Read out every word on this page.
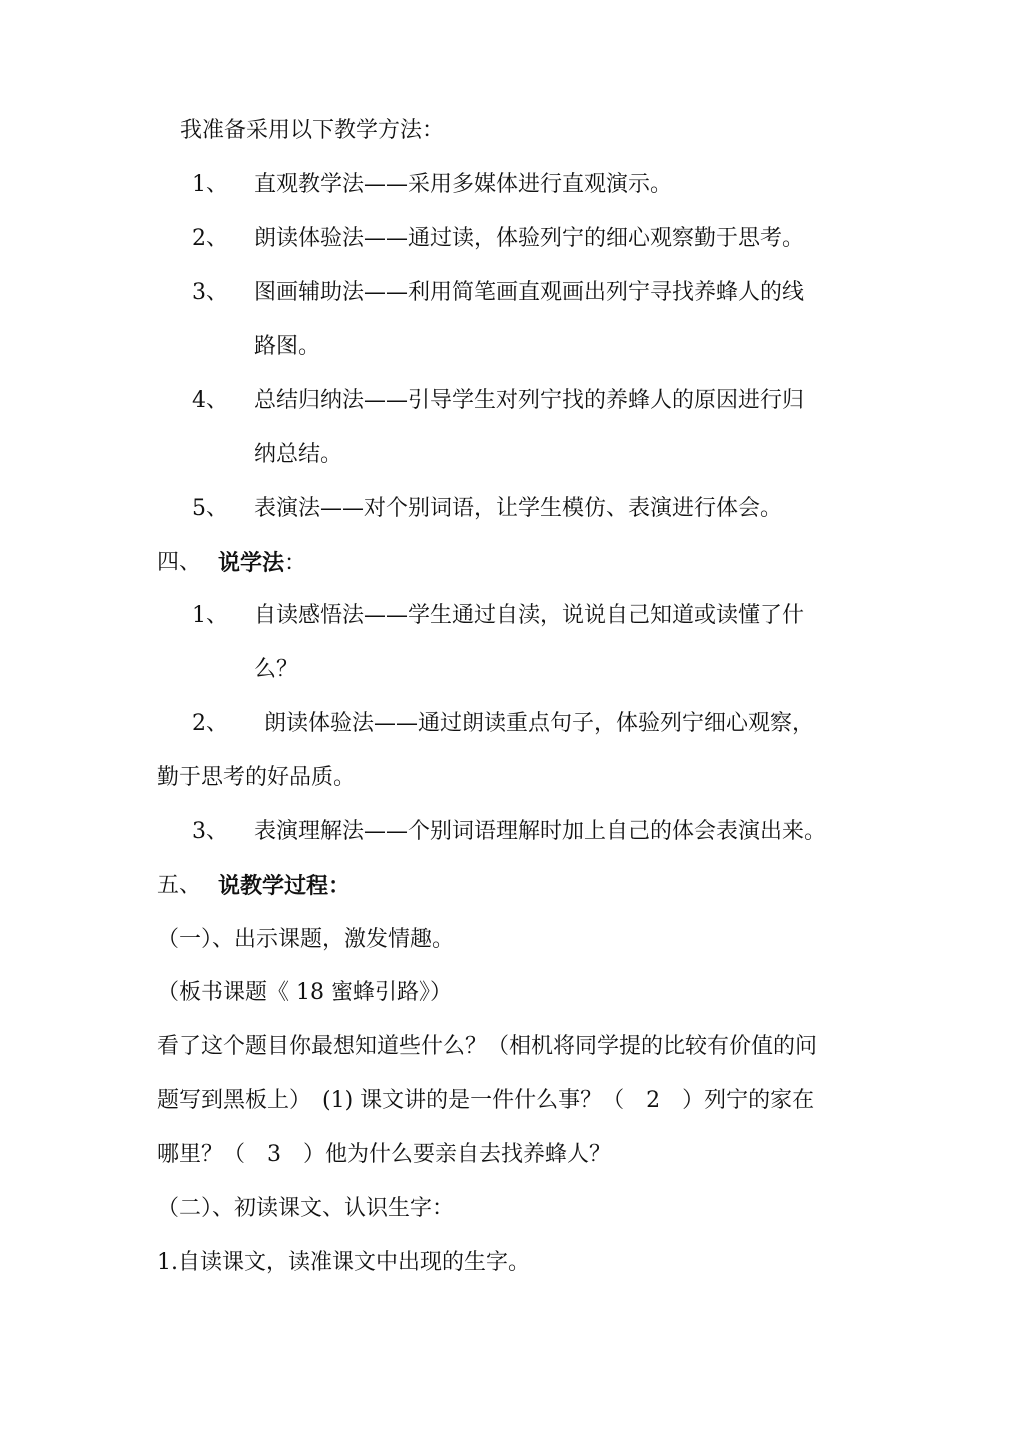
我准备采用以下教学方法：
1、 直观教学法——采用多媒体进行直观演示。
2、 朗读体验法——通过读，体验列宁的细心观察勤于思考。
3、 图画辅助法——利用简笔画直观画出列宁寻找养蜂人的线
路图。
4、 总结归纳法——引导学生对列宁找的养蜂人的原因进行归
纳总结。
5、 表演法——对个别词语，让学生模仿、表演进行体会。
四、 说学法：
1、 自读感悟法——学生通过自渎，说说自己知道或读懂了什
么？
2、 朗读体验法——通过朗读重点句子，体验列宁细心观察，
勤于思考的好品质。
3、 表演理解法——个别词语理解时加上自己的体会表演出来。
五、 说教学过程：
（一）、出示课题，激发情趣。
（板书课题《 18 蜜蜂引路》）
看了这个题目你最想知道些什么？（相机将同学提的比较有价值的问
题写到黑板上）　(1) 课文讲的是一件什么事？（　2　）列宁的家在
哪里？（　3　）他为什么要亲自去找养蜂人？
（二）、初读课文、认识生字：
1.自读课文，读准课文中出现的生字。
